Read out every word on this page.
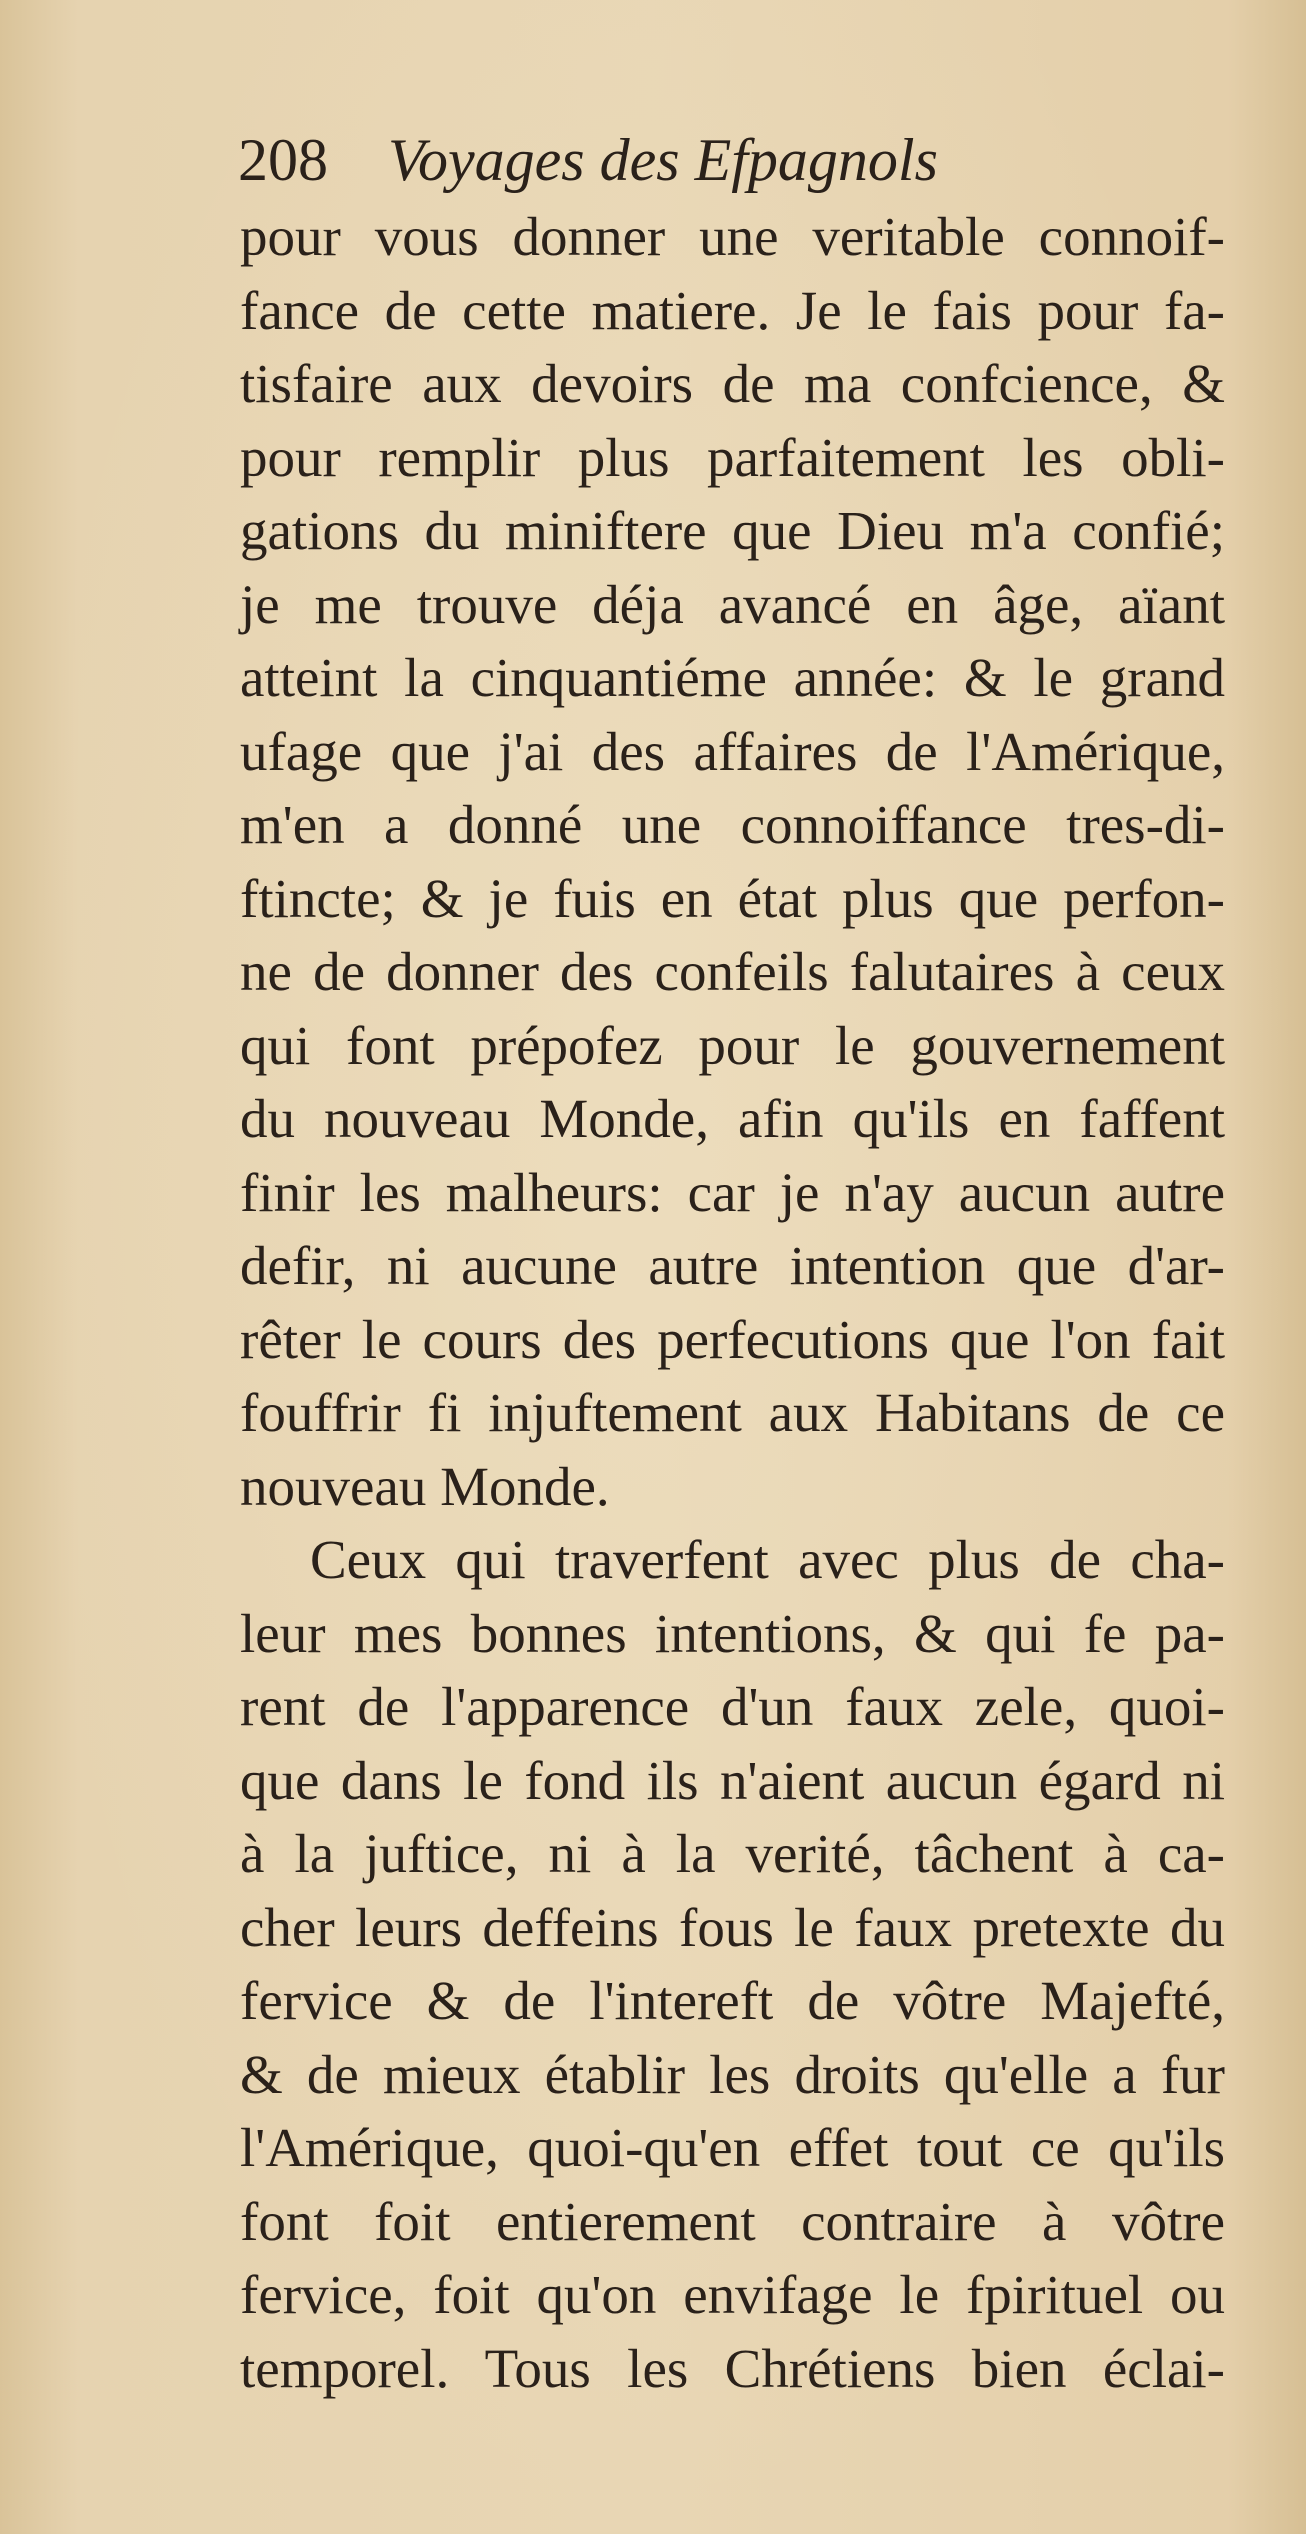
208 Voyages des Efpagnols
pour vous donner une veritable connoif-
fance de cette matiere. Je le fais pour fa-
tisfaire aux devoirs de ma confcience, &
pour remplir plus parfaitement les obli-
gations du miniftere que Dieu m'a confié;
je me trouve déja avancé en âge, aïant
atteint la cinquantiéme année: & le grand
ufage que j'ai des affaires de l'Amérique,
m'en a donné une connoiffance tres-di-
ftincte; & je fuis en état plus que perfon-
ne de donner des confeils falutaires à ceux
qui font prépofez pour le gouvernement
du nouveau Monde, afin qu'ils en faffent
finir les malheurs: car je n'ay aucun autre
defir, ni aucune autre intention que d'ar-
rêter le cours des perfecutions que l'on fait
fouffrir fi injuftement aux Habitans de ce
nouveau Monde.
Ceux qui traverfent avec plus de cha-
leur mes bonnes intentions, & qui fe pa-
rent de l'apparence d'un faux zele, quoi-
que dans le fond ils n'aient aucun égard ni
à la juftice, ni à la verité, tâchent à ca-
cher leurs deffeins fous le faux pretexte du
fervice & de l'intereft de vôtre Majefté,
& de mieux établir les droits qu'elle a fur
l'Amérique, quoi-qu'en effet tout ce qu'ils
font foit entierement contraire à vôtre
fervice, foit qu'on envifage le fpirituel ou
temporel. Tous les Chrétiens bien éclai-
